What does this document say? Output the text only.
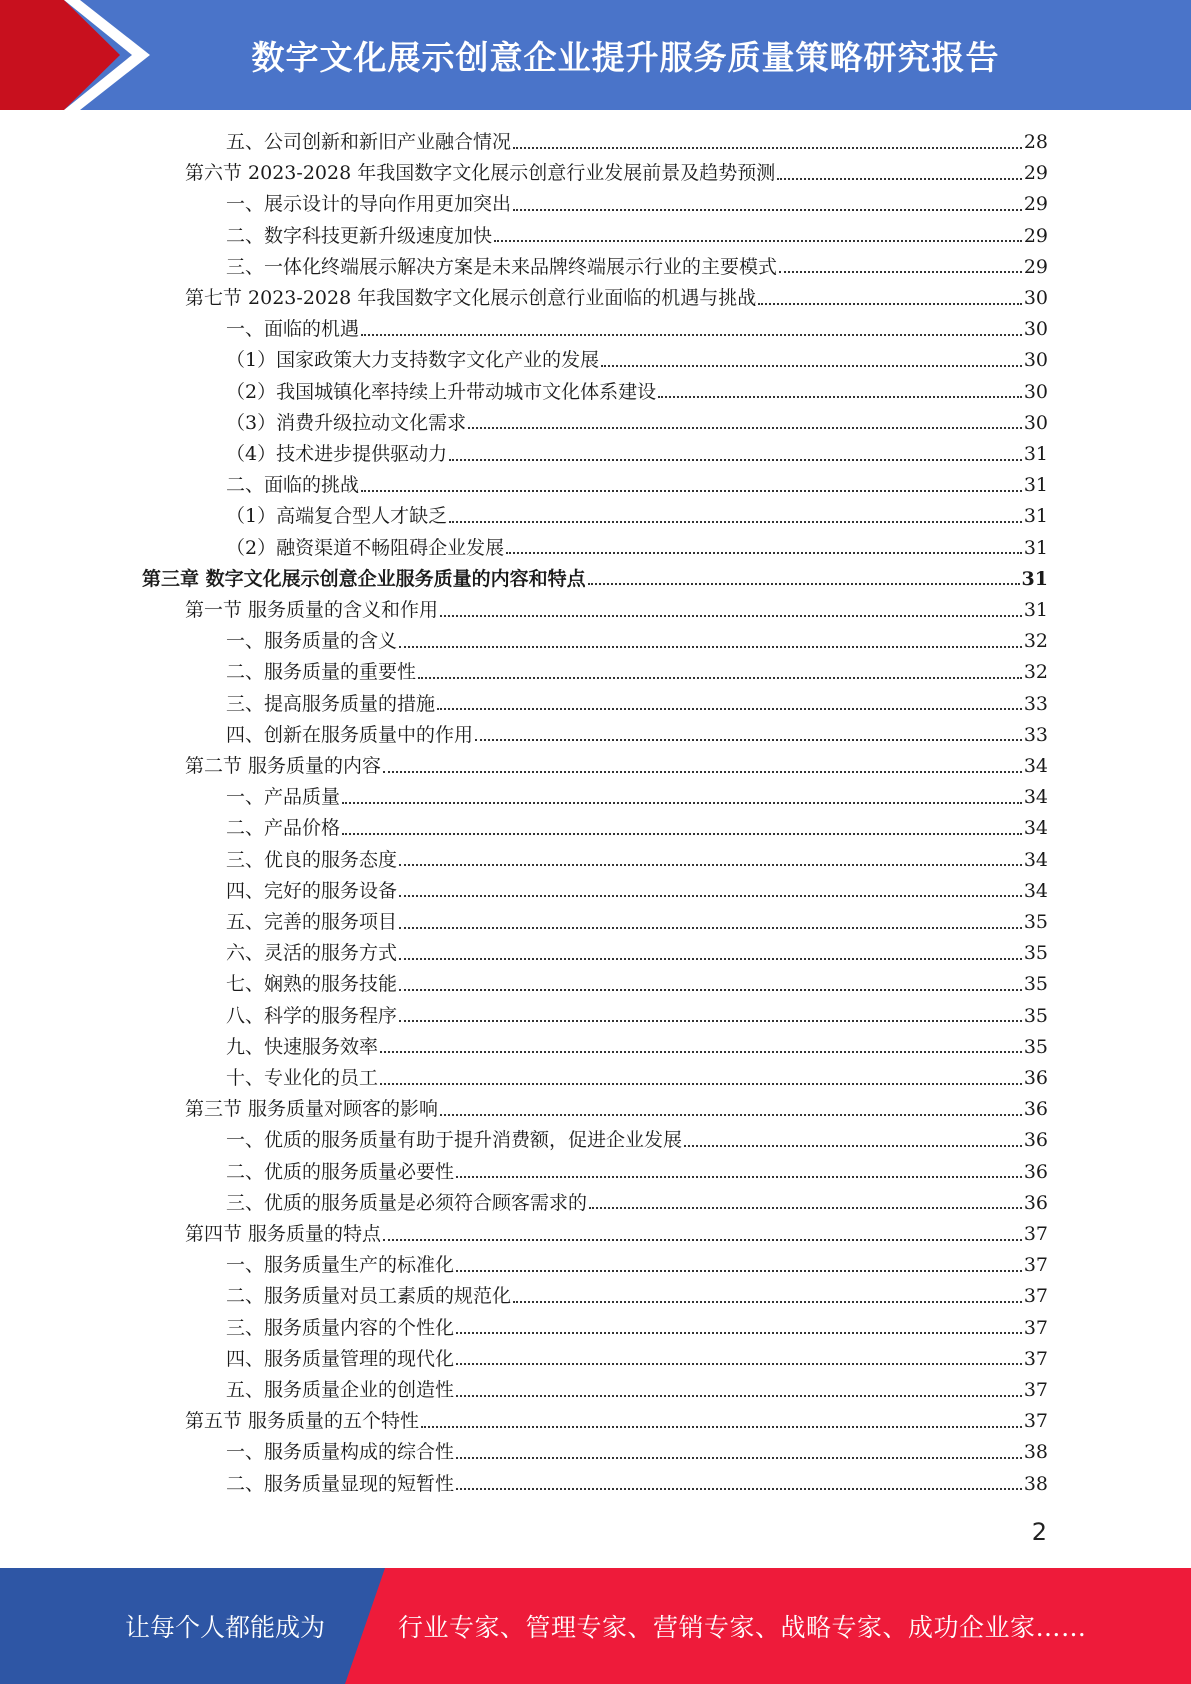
数字文化展示创意企业提升服务质量策略研究报告
五、公司创新和新旧产业融合情况	28
第六节 2023-2028 年我国数字文化展示创意行业发展前景及趋势预测	29
一、展示设计的导向作用更加突出	29
二、数字科技更新升级速度加快	29
三、一体化终端展示解决方案是未来品牌终端展示行业的主要模式	29
第七节 2023-2028 年我国数字文化展示创意行业面临的机遇与挑战	30
一、面临的机遇	30
（1）国家政策大力支持数字文化产业的发展	30
（2）我国城镇化率持续上升带动城市文化体系建设	30
（3）消费升级拉动文化需求	30
（4）技术进步提供驱动力	31
二、面临的挑战	31
（1）高端复合型人才缺乏	31
（2）融资渠道不畅阻碍企业发展	31
第三章 数字文化展示创意企业服务质量的内容和特点	31
第一节 服务质量的含义和作用	31
一、服务质量的含义	32
二、服务质量的重要性	32
三、提高服务质量的措施	33
四、创新在服务质量中的作用	33
第二节 服务质量的内容	34
一、产品质量	34
二、产品价格	34
三、优良的服务态度	34
四、完好的服务设备	34
五、完善的服务项目	35
六、灵活的服务方式	35
七、娴熟的服务技能	35
八、科学的服务程序	35
九、快速服务效率	35
十、专业化的员工	36
第三节 服务质量对顾客的影响	36
一、优质的服务质量有助于提升消费额，促进企业发展	36
二、优质的服务质量必要性	36
三、优质的服务质量是必须符合顾客需求的	36
第四节 服务质量的特点	37
一、服务质量生产的标准化	37
二、服务质量对员工素质的规范化	37
三、服务质量内容的个性化	37
四、服务质量管理的现代化	37
五、服务质量企业的创造性	37
第五节 服务质量的五个特性	37
一、服务质量构成的综合性	38
二、服务质量显现的短暂性	38
2
让每个人都能成为	行业专家、管理专家、营销专家、战略专家、成功企业家……
